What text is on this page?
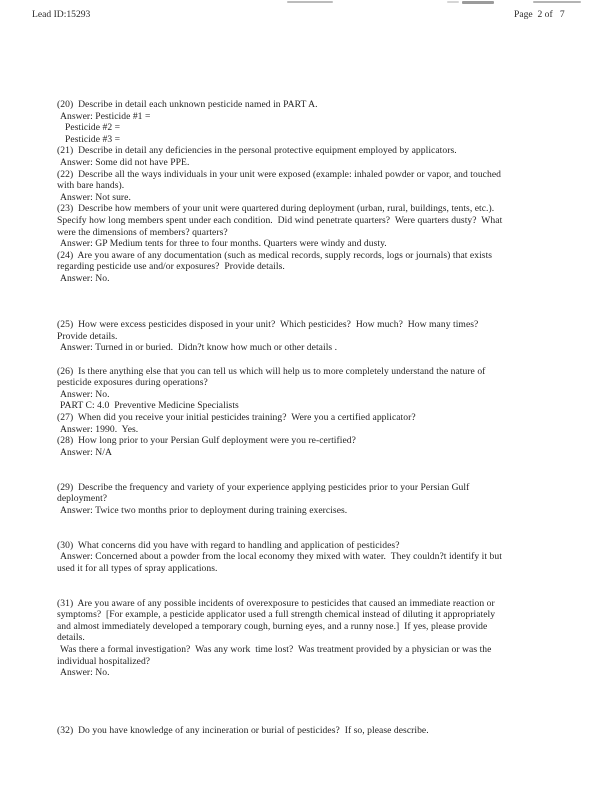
Lead ID:15293	Page  2 of   7
(20)  Describe in detail each unknown pesticide named in PART A.
Answer: Pesticide #1 =
Pesticide #2 =
Pesticide #3 =
(21)  Describe in detail any deficiencies in the personal protective equipment employed by applicators.
Answer: Some did not have PPE.
(22)  Describe all the ways individuals in your unit were exposed (example: inhaled powder or vapor, and touched
with bare hands).
Answer: Not sure.
(23)  Describe how members of your unit were quartered during deployment (urban, rural, buildings, tents, etc.).
Specify how long members spent under each condition.  Did wind penetrate quarters?  Were quarters dusty?  What
were the dimensions of members? quarters?
Answer: GP Medium tents for three to four months. Quarters were windy and dusty.
(24)  Are you aware of any documentation (such as medical records, supply records, logs or journals) that exists
regarding pesticide use and/or exposures?  Provide details.
Answer: No.
(25)  How were excess pesticides disposed in your unit?  Which pesticides?  How much?  How many times?
Provide details.
Answer: Turned in or buried.  Didn?t know how much or other details .
(26)  Is there anything else that you can tell us which will help us to more completely understand the nature of
pesticide exposures during operations?
Answer: No.
PART C: 4.0  Preventive Medicine Specialists
(27)  When did you receive your initial pesticides training?  Were you a certified applicator?
Answer: 1990.  Yes.
(28)  How long prior to your Persian Gulf deployment were you re-certified?
Answer: N/A
(29)  Describe the frequency and variety of your experience applying pesticides prior to your Persian Gulf
deployment?
Answer: Twice two months prior to deployment during training exercises.
(30)  What concerns did you have with regard to handling and application of pesticides?
Answer: Concerned about a powder from the local economy they mixed with water.  They couldn?t identify it but
used it for all types of spray applications.
(31)  Are you aware of any possible incidents of overexposure to pesticides that caused an immediate reaction or
symptoms?  [For example, a pesticide applicator used a full strength chemical instead of diluting it appropriately
and almost immediately developed a temporary cough, burning eyes, and a runny nose.]  If yes, please provide
details.
Was there a formal investigation?  Was any work  time lost?  Was treatment provided by a physician or was the
individual hospitalized?
Answer: No.
(32)  Do you have knowledge of any incineration or burial of pesticides?  If so, please describe.
